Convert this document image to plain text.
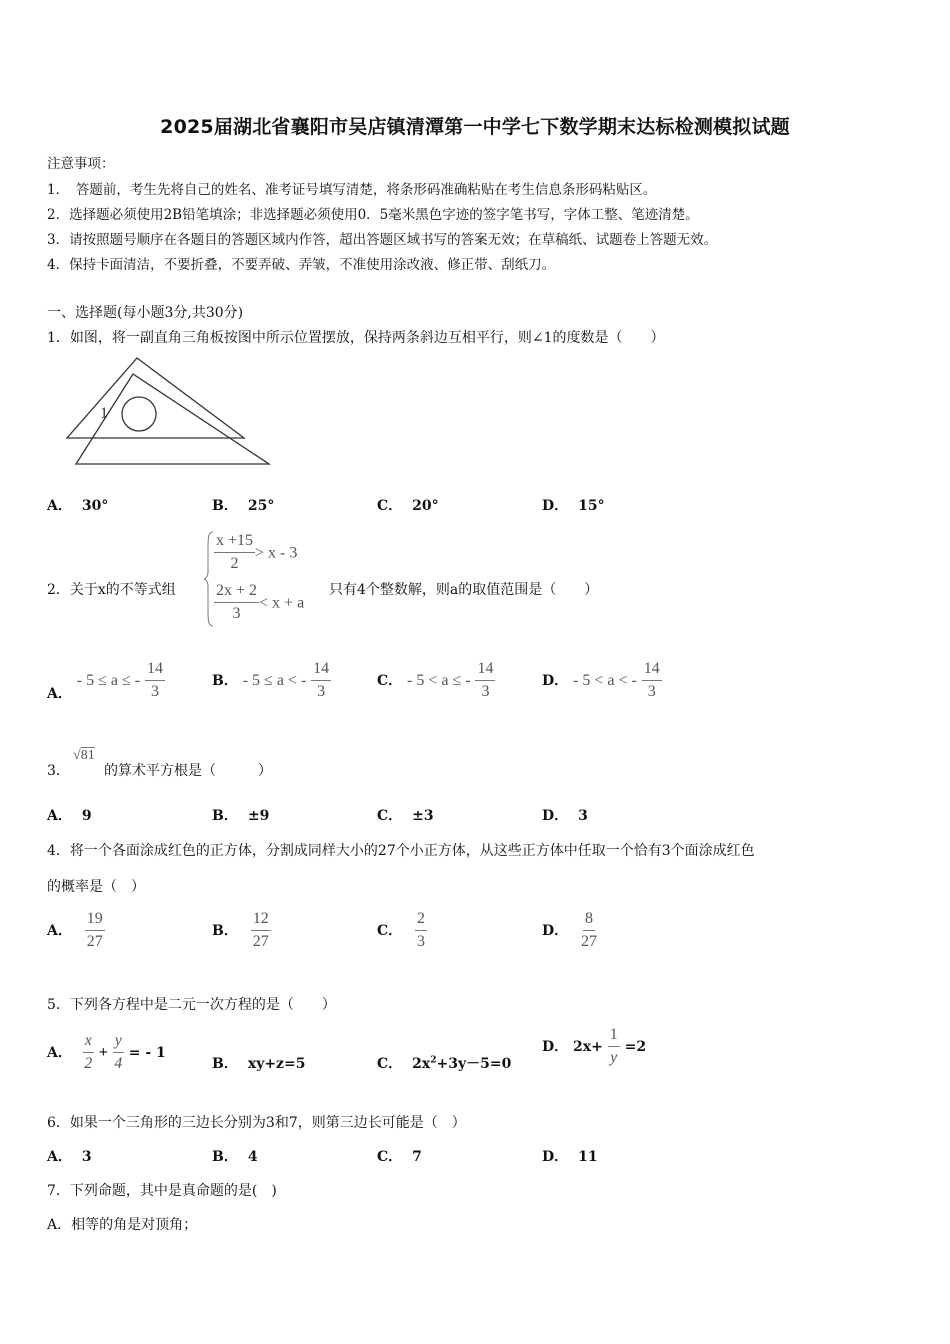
2025届湖北省襄阳市吴店镇清潭第一中学七下数学期末达标检测模拟试题
注意事项：
1．　答题前，考生先将自己的姓名、准考证号填写清楚，将条形码准确粘贴在考生信息条形码粘贴区。
2．选择题必须使用2B铅笔填涂；非选择题必须使用0．5毫米黑色字迹的签字笔书写，字体工整、笔迹清楚。
3．请按照题号顺序在各题目的答题区域内作答，超出答题区域书写的答案无效；在草稿纸、试题卷上答题无效。
4．保持卡面清洁，不要折叠，不要弄破、弄皱，不准使用涂改液、修正带、刮纸刀。
一、选择题(每小题3分,共30分)
1．如图，将一副直角三角板按图中所示位置摆放，保持两条斜边互相平行，则∠1的度数是（　　）
1
A． 30°	B． 25°	C． 20°	D． 15°
2．关于x的不等式组
$\frac{x +15}{2} > x - 3$
$\frac{2x + 2}{3} < x + a$
只有4个整数解，则a的取值范围是（　　）
A． - 5 ≤ a ≤ - $\frac{14}{3}$	B． - 5 ≤ a < - $\frac{14}{3}$	C． - 5 < a ≤ - $\frac{14}{3}$	D． - 5 < a < - $\frac{14}{3}$
3．
√81
的算术平方根是（　　　）
A． 9	B． ±9	C． ±3	D． 3
4．将一个各面涂成红色的正方体，分割成同样大小的27个小正方体，从这些正方体中任取一个恰有3个面涂成红色
的概率是（　）
A． $\frac{19}{27}$	B． $\frac{12}{27}$	C． $\frac{2}{3}$	D． $\frac{8}{27}$
5．下列各方程中是二元一次方程的是（　　）
A． $\frac{x}{2} + \frac{y}{4}$ = - 1
B． xy+z=5	C． $2x^2+3y-5=0$
D． $2x+ \frac{1}{y} =2$
6．如果一个三角形的三边长分别为3和7，则第三边长可能是（　）
A． 3	B． 4	C． 7	D． 11
7．下列命题，其中是真命题的是(　)
A．相等的角是对顶角；
